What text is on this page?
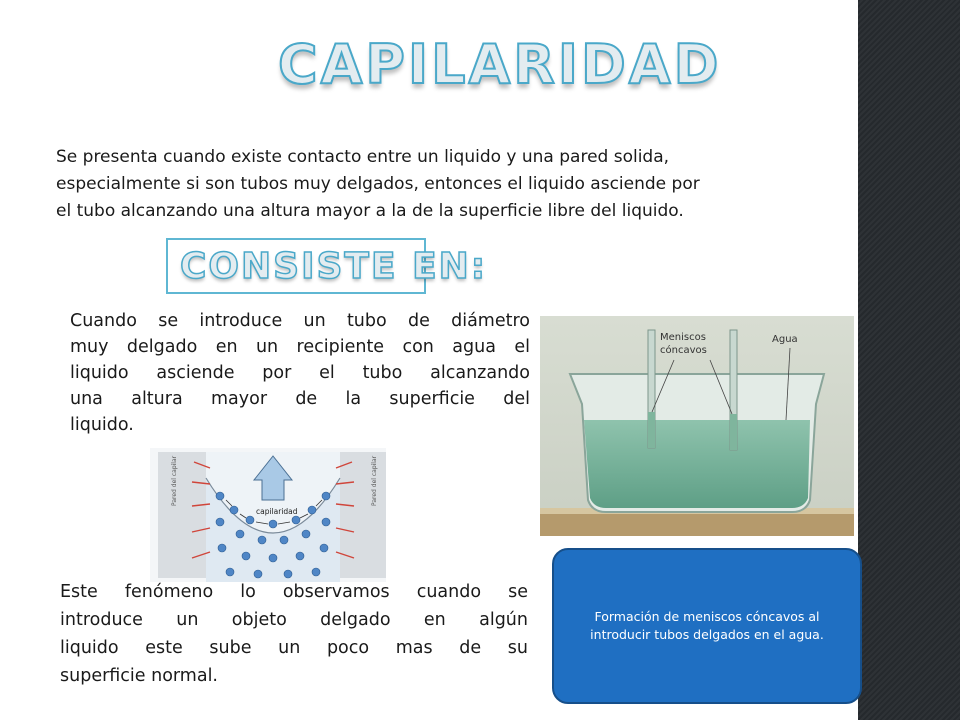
CAPILARIDAD
Se presenta cuando existe contacto entre un liquido y una pared solida,
especialmente si son tubos muy delgados, entonces el liquido asciende por
el tubo alcanzando una altura mayor a la de la superficie libre del liquido.
CONSISTE EN:
Cuando se introduce un tubo de diámetro
muy delgado en un recipiente con agua el
liquido asciende por el tubo alcanzando
una altura mayor de la superficie del
liquido.
Pared del capilar	Pared del capilar
capilaridad
Este fenómeno lo observamos cuando se
introduce un objeto delgado en algún
liquido este sube un poco mas de su
superficie normal.
Meniscos
cóncavos
Agua
Formación de meniscos cóncavos al introducir tubos delgados en el agua.
